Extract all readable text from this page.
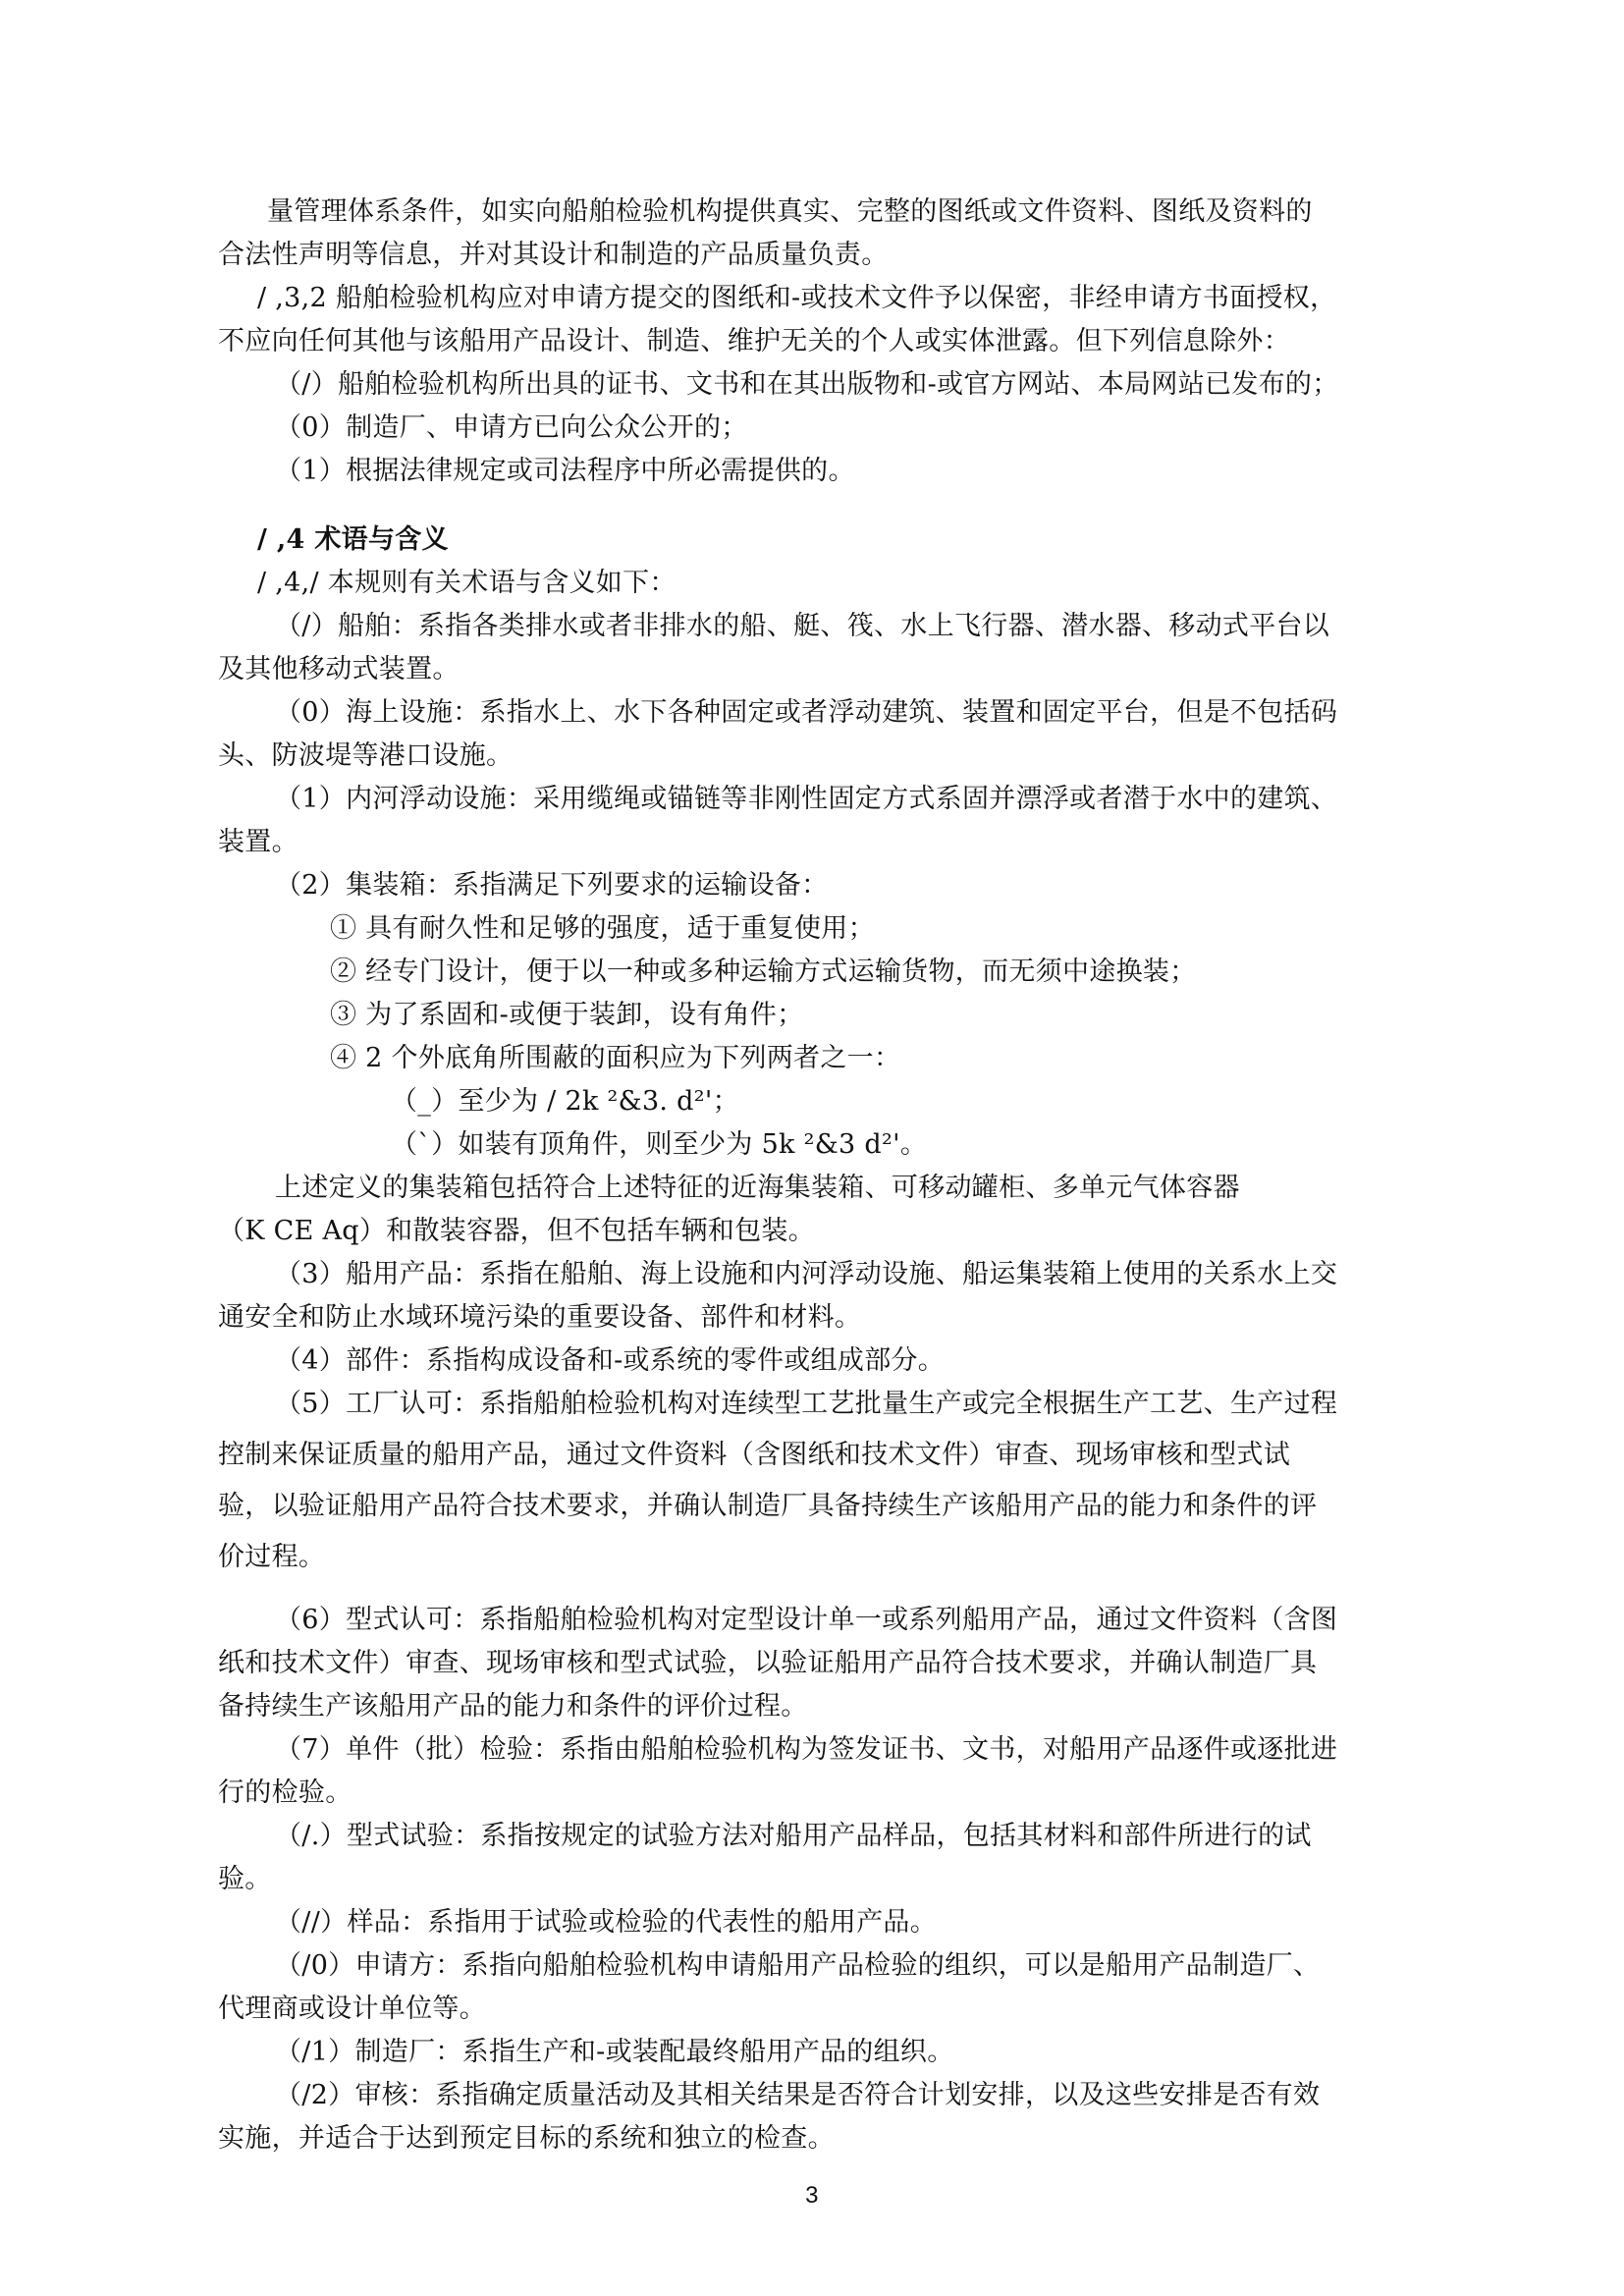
量管理体系条件，如实向船舶检验机构提供真实、完整的图纸或文件资料、图纸及资料的
合法性声明等信息，并对其设计和制造的产品质量负责。
/ ,3,2 船舶检验机构应对申请方提交的图纸和-或技术文件予以保密，非经申请方书面授权，
不应向任何其他与该船用产品设计、制造、维护无关的个人或实体泄露。但下列信息除外：
（/）船舶检验机构所出具的证书、文书和在其出版物和-或官方网站、本局网站已发布的；
（0）制造厂、申请方已向公众公开的；
（1）根据法律规定或司法程序中所必需提供的。
/ ,4 术语与含义
/ ,4,/ 本规则有关术语与含义如下：
（/）船舶：系指各类排水或者非排水的船、艇、筏、水上飞行器、潜水器、移动式平台以
及其他移动式装置。
（0）海上设施：系指水上、水下各种固定或者浮动建筑、装置和固定平台，但是不包括码
头、防波堤等港口设施。
（1）内河浮动设施：采用缆绳或锚链等非刚性固定方式系固并漂浮或者潜于水中的建筑、
装置。
（2）集装箱：系指满足下列要求的运输设备：
① 具有耐久性和足够的强度，适于重复使用；
② 经专门设计，便于以一种或多种运输方式运输货物，而无须中途换装；
③ 为了系固和-或便于装卸，设有角件；
④ 2 个外底角所围蔽的面积应为下列两者之一：
（_）至少为 / 2k ²&3. d²'；
（`）如装有顶角件，则至少为 5k ²&3 d²'。
上述定义的集装箱包括符合上述特征的近海集装箱、可移动罐柜、多单元气体容器
（K CE Aq）和散装容器，但不包括车辆和包装。
（3）船用产品：系指在船舶、海上设施和内河浮动设施、船运集装箱上使用的关系水上交
通安全和防止水域环境污染的重要设备、部件和材料。
（4）部件：系指构成设备和-或系统的零件或组成部分。
（5）工厂认可：系指船舶检验机构对连续型工艺批量生产或完全根据生产工艺、生产过程
控制来保证质量的船用产品，通过文件资料（含图纸和技术文件）审查、现场审核和型式试
验，以验证船用产品符合技术要求，并确认制造厂具备持续生产该船用产品的能力和条件的评
价过程。
（6）型式认可：系指船舶检验机构对定型设计单一或系列船用产品，通过文件资料（含图
纸和技术文件）审查、现场审核和型式试验，以验证船用产品符合技术要求，并确认制造厂具
备持续生产该船用产品的能力和条件的评价过程。
（7）单件（批）检验：系指由船舶检验机构为签发证书、文书，对船用产品逐件或逐批进
行的检验。
（/.）型式试验：系指按规定的试验方法对船用产品样品，包括其材料和部件所进行的试
验。
（//）样品：系指用于试验或检验的代表性的船用产品。
（/0）申请方：系指向船舶检验机构申请船用产品检验的组织，可以是船用产品制造厂、
代理商或设计单位等。
（/1）制造厂：系指生产和-或装配最终船用产品的组织。
（/2）审核：系指确定质量活动及其相关结果是否符合计划安排，以及这些安排是否有效
实施，并适合于达到预定目标的系统和独立的检查。
3
